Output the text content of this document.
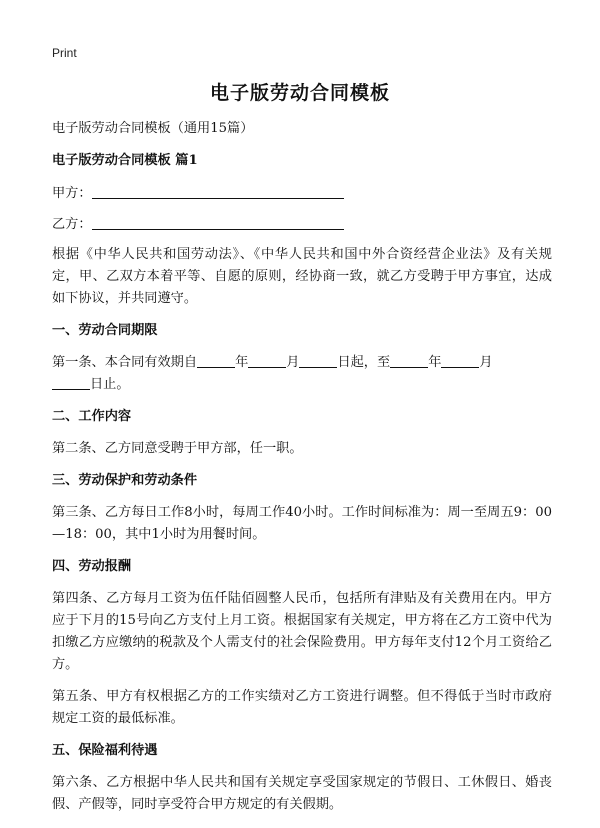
Print
电子版劳动合同模板

电子版劳动合同模板（通用15篇）

电子版劳动合同模板 篇1

甲方：
乙方：

根据《中华人民共和国劳动法》、《中华人民共和国中外合资经营企业法》及有关规定，甲、乙双方本着平等、自愿的原则，经协商一致，就乙方受聘于甲方事宜，达成如下协议，并共同遵守。

一、劳动合同期限

第一条、本合同有效期自	年	月	日起，至	年	月
日止。

二、工作内容

第二条、乙方同意受聘于甲方部，任一职。

三、劳动保护和劳动条件

第三条、乙方每日工作8小时，每周工作40小时。工作时间标准为：周一至周五9：00—18：00，其中1小时为用餐时间。

四、劳动报酬

第四条、乙方每月工资为伍仟陆佰圆整人民币，包括所有津贴及有关费用在内。甲方应于下月的15号向乙方支付上月工资。根据国家有关规定，甲方将在乙方工资中代为扣缴乙方应缴纳的税款及个人需支付的社会保险费用。甲方每年支付12个月工资给乙方。

第五条、甲方有权根据乙方的工作实绩对乙方工资进行调整。但不得低于当时市政府规定工资的最低标准。

五、保险福利待遇

第六条、乙方根据中华人民共和国有关规定享受国家规定的节假日、工休假日、婚丧假、产假等，同时享受符合甲方规定的有关假期。
